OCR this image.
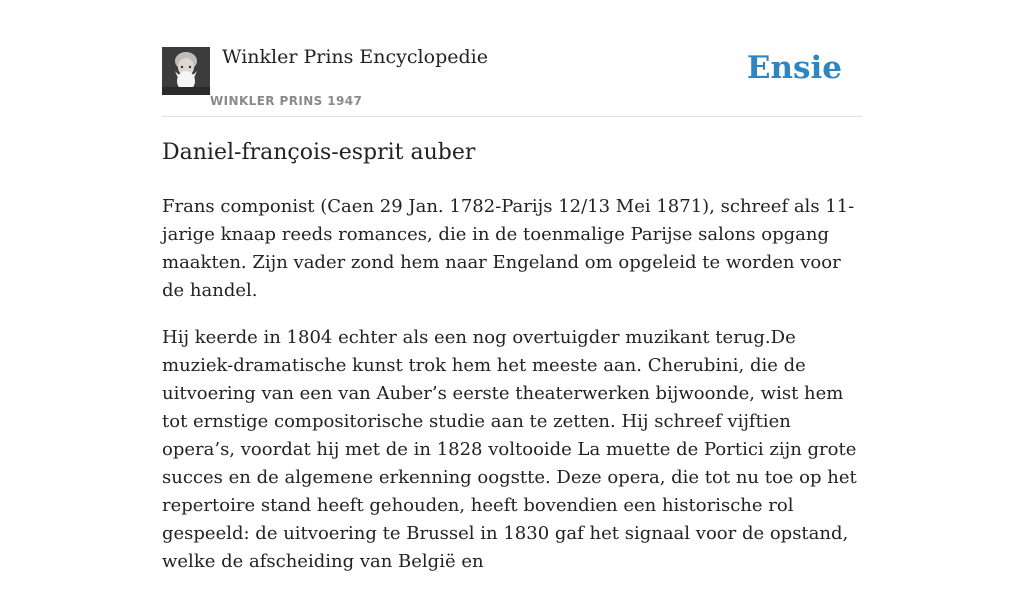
Winkler Prins Encyclopedie
WINKLER PRINS 1947
Ensie
Daniel-françois-esprit auber

Frans componist (Caen 29 Jan. 1782-Parijs 12/13 Mei 1871), schreef als 11-jarige knaap reeds romances, die in de toenmalige Parijse salons opgang maakten. Zijn vader zond hem naar Engeland om opgeleid te worden voor de handel.

Hij keerde in 1804 echter als een nog overtuigder muzikant terug.De muziek-dramatische kunst trok hem het meeste aan. Cherubini, die de uitvoering van een van Auber’s eerste theaterwerken bijwoonde, wist hem tot ernstige compositorische studie aan te zetten. Hij schreef vijftien opera’s, voordat hij met de in 1828 voltooide La muette de Portici zijn grote succes en de algemene erkenning oogstte. Deze opera, die tot nu toe op het repertoire stand heeft gehouden, heeft bovendien een historische rol gespeeld: de uitvoering te Brussel in 1830 gaf het signaal voor de opstand, welke de afscheiding van België en
